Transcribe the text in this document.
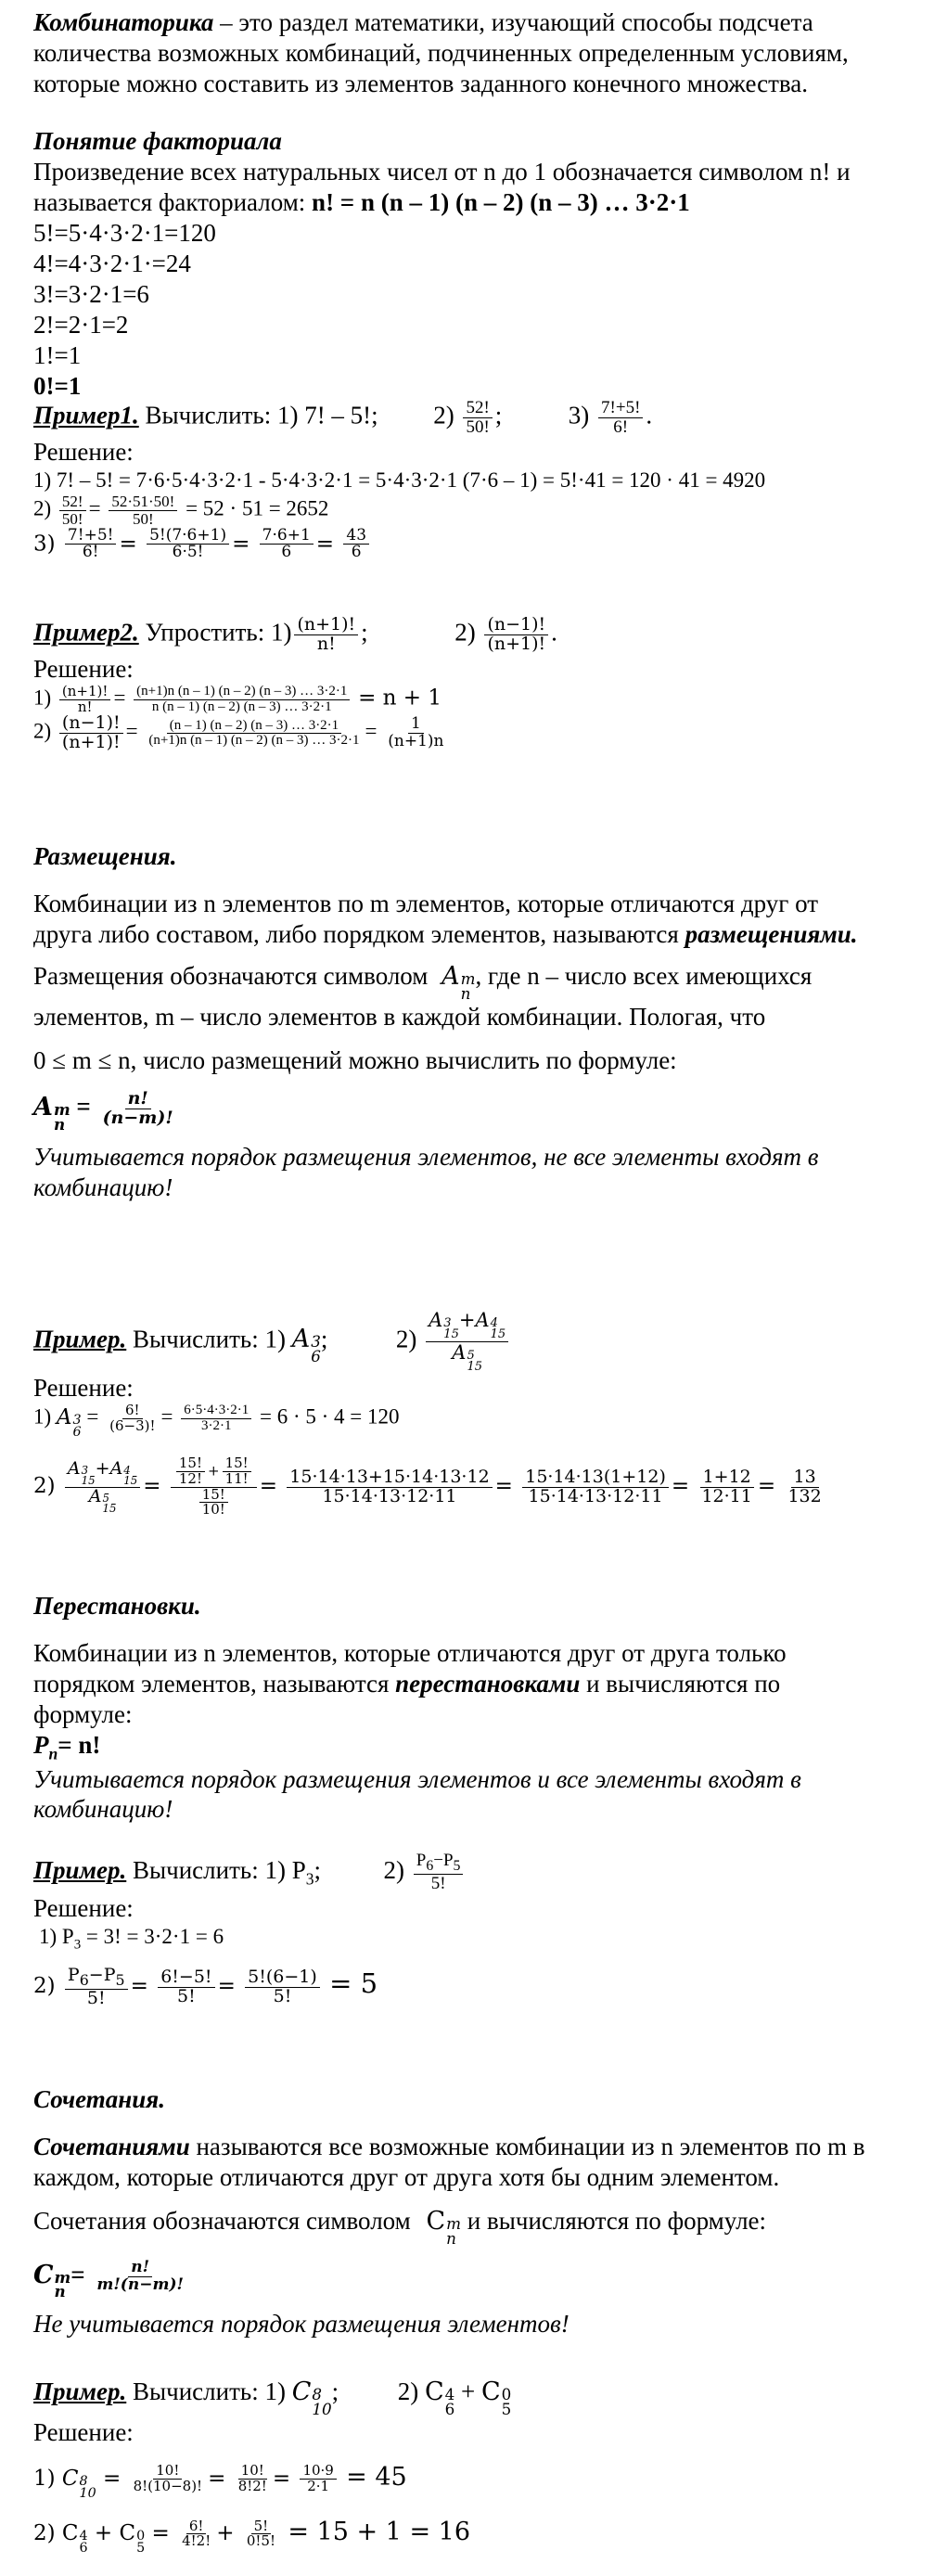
Комбинаторика – это раздел математики, изучающий способы подсчета
количества возможных комбинаций, подчиненных определенным условиям,
которые можно составить из элементов заданного конечного множества.
Понятие факториала
Произведение всех натуральных чисел от n до 1 обозначается символом n! и
называется факториалом: n! = n (n – 1) (n – 2) (n – 3) … 3·2·1
5!=5·4·3·2·1=120
4!=4·3·2·1·=24
3!=3·2·1=6
2!=2·1=2
1!=1
0!=1
Пример1. Вычислить: 1) 7! – 5!; $2) \frac{52!}{50!}$ ;	$3) \frac{7!+5!}{6!}$ .
Решение:
1) 7! – 5! = 7·6·5·4·3·2·1 - 5·4·3·2·1 = 5·4·3·2·1 (7·6 – 1) = 5!·41 = 120 · 41 = 4920
$2) \frac{52!}{50!} = \frac{52\cdot 51\cdot 50!}{50!} = 52 \cdot 51 = 2652$
$3) \frac{7!+5!}{6!} = \frac{5!(7\cdot 6+1)}{6\cdot 5!} = \frac{7\cdot 6+1}{6} = \frac{43}{6}$
Пример2. Упростить: $1) \frac{(n+1)!}{n!}$ ;	$2) \frac{(n-1)!}{(n+1)!}$ .
Решение:
$1) \frac{(n+1)!}{n!} = \frac{(n+1)n (n - 1) (n - 2) (n - 3) \dots 3\cdot 2\cdot 1}{n (n - 1) (n - 2) (n - 3) \dots 3\cdot 2\cdot 1} = n + 1$
$2) \frac{(n-1)!}{(n+1)!} = \frac{(n - 1) (n - 2) (n - 3) \dots 3\cdot 2\cdot 1}{(n+1)n (n - 1) (n - 2) (n - 3) \dots 3\cdot 2\cdot 1} = \frac{1}{(n+1)n}$
Размещения.
Комбинации из n элементов по m элементов, которые отличаются друг от
друга либо составом, либо порядком элементов, называются размещениями.
Размещения обозначаются символом A m
n
, где n – число всех имеющихся
элементов, m – число элементов в каждой комбинации. Пологая, что
0 ≤ m ≤ n, число размещений можно вычислить по формуле:
A m
n
= $\frac{n!}{(n-m)!}$
Учитывается порядок размещения элементов, не все элементы входят в
комбинацию!
Пример. Вычислить: 1) A 3
6
;  2) A 3
15
+A 4
15
A 5
15
Решение:
1) A 3
6
= $\frac{6!}{(6-3)!} = \frac{6\cdot 5\cdot 4\cdot 3\cdot 2\cdot 1}{3\cdot 2\cdot 1} = 6 \cdot 5 \cdot 4 = 120$
2) A 3
15
+A 4
15
A 5
$15 = \frac{\frac{15!}{12!} + \frac{15!}{11!}}{\frac{15!}{10!}} = \frac{15\cdot 14\cdot 13+15\cdot 14\cdot 13\cdot 12}{15\cdot 14\cdot 13\cdot 12\cdot 11} = \frac{15\cdot 14\cdot 13(1+12)}{15\cdot 14\cdot 13\cdot 12\cdot 11} = \frac{1+12}{12\cdot 11} = \frac{13}{132}$
Перестановки.
Комбинации из n элементов, которые отличаются друг от друга только
порядком элементов, называются перестановками и вычисляются по
формуле:
$P_n= n$!
Учитывается порядок размещения элементов и все элементы входят в
комбинацию!
Пример. Вычислить: 1) $P_3$;	$2) \frac{P_6-P_5}{5!}$
Решение:
1) $P_3 = 3$! = 3·2·1 = 6
$2) \frac{P_6-P_5}{5!} = \frac{6!-5!}{5!} = \frac{5!(6-1)}{5!} = 5$
Сочетания.
Сочетаниями называются все возможные комбинации из n элементов по m в
каждом, которые отличаются друг от друга хотя бы одним элементом.
Сочетания обозначаются символом C m
n
и вычисляются по формуле:
C m
n
= $\frac{n!}{m!(n-m)!}$
Не учитывается порядок размещения элементов!
Пример. Вычислить: 1) C 8
10
;  2) C 4
6
+ C 0
5
Решение:
1) C 8
10
= $\frac{10!}{8!(10-8)!} = \frac{10!}{8!2!} = \frac{10\cdot 9}{2\cdot 1} = 45$
2) C 4
6
+ C 0
5
= $\frac{6!}{4!2!} + \frac{5!}{0!5!} = 15 + 1 = 16$
